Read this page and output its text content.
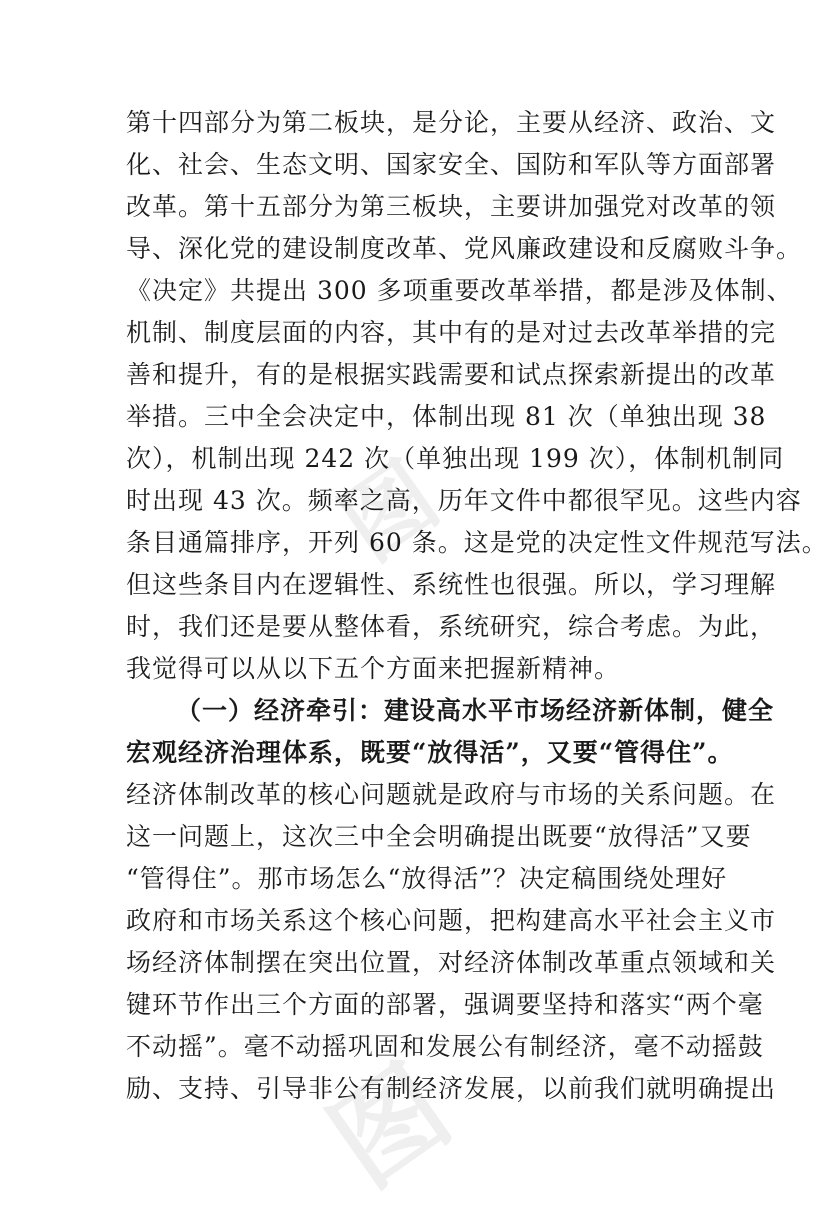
图
图
第十四部分为第二板块，是分论，主要从经济、政治、文
化、社会、生态文明、国家安全、国防和军队等方面部署
改革。第十五部分为第三板块，主要讲加强党对改革的领
导、深化党的建设制度改革、党风廉政建设和反腐败斗争。
《决定》共提出 300 多项重要改革举措，都是涉及体制、
机制、制度层面的内容，其中有的是对过去改革举措的完
善和提升，有的是根据实践需要和试点探索新提出的改革
举措。三中全会决定中，体制出现 81 次（单独出现 38
次），机制出现 242 次（单独出现 199 次），体制机制同
时出现 43 次。频率之高，历年文件中都很罕见。这些内容
条目通篇排序，开列 60 条。这是党的决定性文件规范写法。
但这些条目内在逻辑性、系统性也很强。所以，学习理解
时，我们还是要从整体看，系统研究，综合考虑。为此，
我觉得可以从以下五个方面来把握新精神。
（一）经济牵引：建设高水平市场经济新体制，健全
宏观经济治理体系，既要“放得活”，又要“管得住”。
经济体制改革的核心问题就是政府与市场的关系问题。在
这一问题上，这次三中全会明确提出既要“放得活”又要
“管得住”。那市场怎么“放得活”？决定稿围绕处理好
政府和市场关系这个核心问题，把构建高水平社会主义市
场经济体制摆在突出位置，对经济体制改革重点领域和关
键环节作出三个方面的部署，强调要坚持和落实“两个毫
不动摇”。毫不动摇巩固和发展公有制经济，毫不动摇鼓
励、支持、引导非公有制经济发展，以前我们就明确提出
